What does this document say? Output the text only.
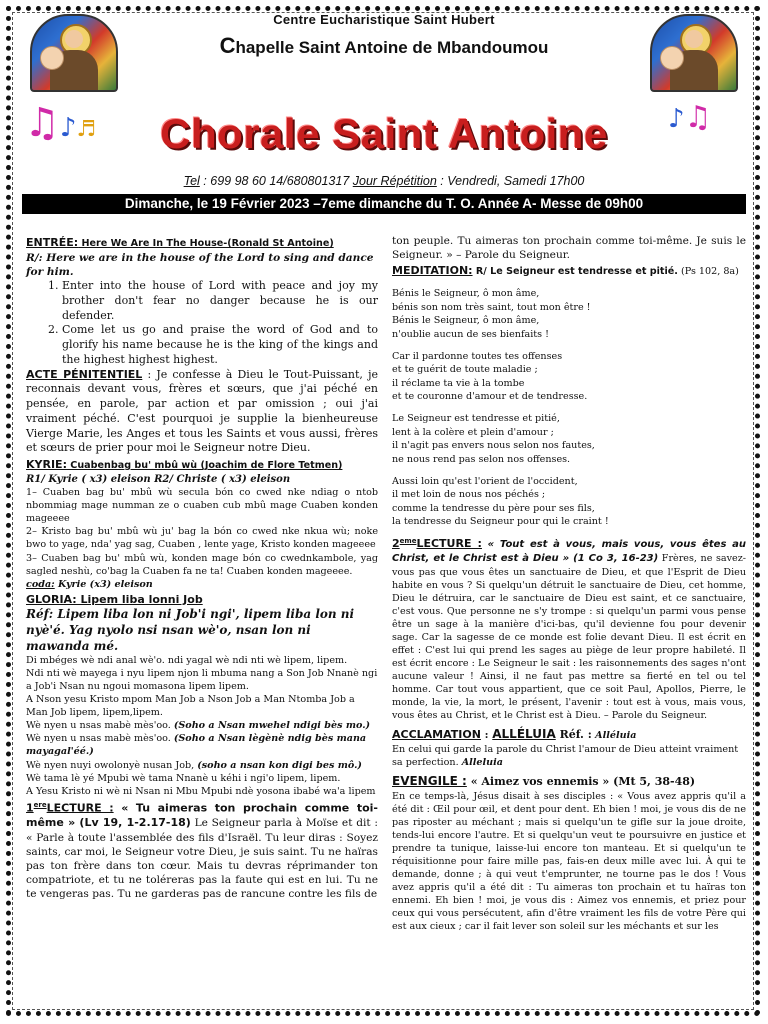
Centre Eucharistique Saint Hubert
Chapelle Saint Antoine de Mbandoumou
♫♪♬	♪♫
Chorale Saint Antoine
Tel : 699 98 60 14/680801317 Jour Répétition : Vendredi, Samedi 17h00
Dimanche, le 19 Février 2023 –7eme dimanche du T. O. Année A- Messe de 09h00

ENTRÉE: Here We Are In The House-(Ronald St Antoine)

R/: Here we are in the house of the Lord to sing and dance for him.

1. Enter into the house of Lord with peace and joy my brother don't fear no danger because he is our defender.
2. Come let us go and praise the word of God and to glorify his name because he is the king of the kings and the highest highest highest.

ACTE PÉNITENTIEL : Je confesse à Dieu le Tout-Puissant, je reconnais devant vous, frères et sœurs, que j'ai péché en pensée, en parole, par action et par omission ; oui j'ai vraiment péché. C'est pourquoi je supplie la bienheureuse Vierge Marie, les Anges et tous les Saints et vous aussi, frères et sœurs de prier pour moi le Seigneur notre Dieu.

KYRIE: Cuabenbag bu' mbû wù (Joachim de Flore Tetmen)

R1/ Kyrie ( x3) eleison R2/ Christe ( x3) eleison

1– Cuaben bag bu' mbû wù secula bón co cwed nke ndiag o ntob nbommiag mage numman ze o cuaben cub mbû mage Cuaben konden mageeee

2– Kristo bag bu' mbû wù ju' bag la bón co cwed nke nkua wù; noke bwo to yage, nda' yag sag, Cuaben , lente yage, Kristo konden mageeee

3– Cuaben bag bu' mbû wù, konden mage bón co cwednkambole, yag sagled neshù, co'bag la Cuaben fa ne ta! Cuaben konden mageeee.

coda: Kyrie (x3) eleison

GLORIA: Lipem liba lonni Job

Réf: Lipem liba lon ni Job'i ngi', lipem liba lon ni nyè'é. Yag nyolo nsi nsan wè'o, nsan lon ni mawanda mé.

Di mbéges wè ndi anal wè'o. ndi yagal wè ndi nti wè lipem, lipem.

Ndi nti wè mayega i nyu lipem njon li mbuma nang a Son Job Nnanè ngi a Job'i Nsan nu ngoui momasona lipem lipem.

A Nson yesu Kristo mpom Man Job a Nson Job a Man Ntomba Job a Man Job lipem, lipem,lipem.

Wè nyen u nsas mabè mès'oo. (Soho a Nsan mwehel ndigi bès mo.)

Wè nyen u nsas mabè mès'oo. (Soho a Nsan lègènè ndig bès mana mayagal'éé.)

Wè nyen nuyi owolonyè nusan Job, (soho a nsan kon digi bes mô.)

Wè tama lè yé Mpubi wè tama Nnanè u kéhi i ngi'o lipem, lipem.

A Yesu Kristo ni wè ni Nsan ni Mbu Mpubi ndè yosona ibabé wa'a lipem

1ereLECTURE : « Tu aimeras ton prochain comme toi-même » (Lv 19, 1-2.17-18) Le Seigneur parla à Moïse et dit : « Parle à toute l'assemblée des fils d'Israël. Tu leur diras : Soyez saints, car moi, le Seigneur votre Dieu, je suis saint. Tu ne haïras pas ton frère dans ton cœur. Mais tu devras réprimander ton compatriote, et tu ne toléreras pas la faute qui est en lui. Tu ne te vengeras pas. Tu ne garderas pas de rancune contre les fils de

ton peuple. Tu aimeras ton prochain comme toi-même. Je suis le Seigneur. » – Parole du Seigneur.

MEDITATION: R/ Le Seigneur est tendresse et pitié. (Ps 102, 8a)

Bénis le Seigneur, ô mon âme,

bénis son nom très saint, tout mon être !

Bénis le Seigneur, ô mon âme,

n'oublie aucun de ses bienfaits !

Car il pardonne toutes tes offenses

et te guérit de toute maladie ;

il réclame ta vie à la tombe

et te couronne d'amour et de tendresse.

Le Seigneur est tendresse et pitié,

lent à la colère et plein d'amour ;

il n'agit pas envers nous selon nos fautes,

ne nous rend pas selon nos offenses.

Aussi loin qu'est l'orient de l'occident,

il met loin de nous nos péchés ;

comme la tendresse du père pour ses fils,

la tendresse du Seigneur pour qui le craint !

2emeLECTURE : « Tout est à vous, mais vous, vous êtes au Christ, et le Christ est à Dieu » (1 Co 3, 16-23) Frères, ne savez-vous pas que vous êtes un sanctuaire de Dieu, et que l'Esprit de Dieu habite en vous ? Si quelqu'un détruit le sanctuaire de Dieu, cet homme, Dieu le détruira, car le sanctuaire de Dieu est saint, et ce sanctuaire, c'est vous. Que personne ne s'y trompe : si quelqu'un parmi vous pense être un sage à la manière d'ici-bas, qu'il devienne fou pour devenir sage. Car la sagesse de ce monde est folie devant Dieu. Il est écrit en effet : C'est lui qui prend les sages au piège de leur propre habileté. Il est écrit encore : Le Seigneur le sait : les raisonnements des sages n'ont aucune valeur ! Ainsi, il ne faut pas mettre sa fierté en tel ou tel homme. Car tout vous appartient, que ce soit Paul, Apollos, Pierre, le monde, la vie, la mort, le présent, l'avenir : tout est à vous, mais vous, vous êtes au Christ, et le Christ est à Dieu. – Parole du Seigneur.

ACCLAMATION : ALLÉLUIA Réf. : Alléluia

En celui qui garde la parole du Christ l'amour de Dieu atteint vraiment sa perfection. Alleluia

EVENGILE : « Aimez vos ennemis » (Mt 5, 38-48)

En ce temps-là, Jésus disait à ses disciples : « Vous avez appris qu'il a été dit : Œil pour œil, et dent pour dent. Eh bien ! moi, je vous dis de ne pas riposter au méchant ; mais si quelqu'un te gifle sur la joue droite, tends-lui encore l'autre. Et si quelqu'un veut te poursuivre en justice et prendre ta tunique, laisse-lui encore ton manteau. Et si quelqu'un te réquisitionne pour faire mille pas, fais-en deux mille avec lui. À qui te demande, donne ; à qui veut t'emprunter, ne tourne pas le dos ! Vous avez appris qu'il a été dit : Tu aimeras ton prochain et tu haïras ton ennemi. Eh bien ! moi, je vous dis : Aimez vos ennemis, et priez pour ceux qui vous persécutent, afin d'être vraiment les fils de votre Père qui est aux cieux ; car il fait lever son soleil sur les méchants et sur les
